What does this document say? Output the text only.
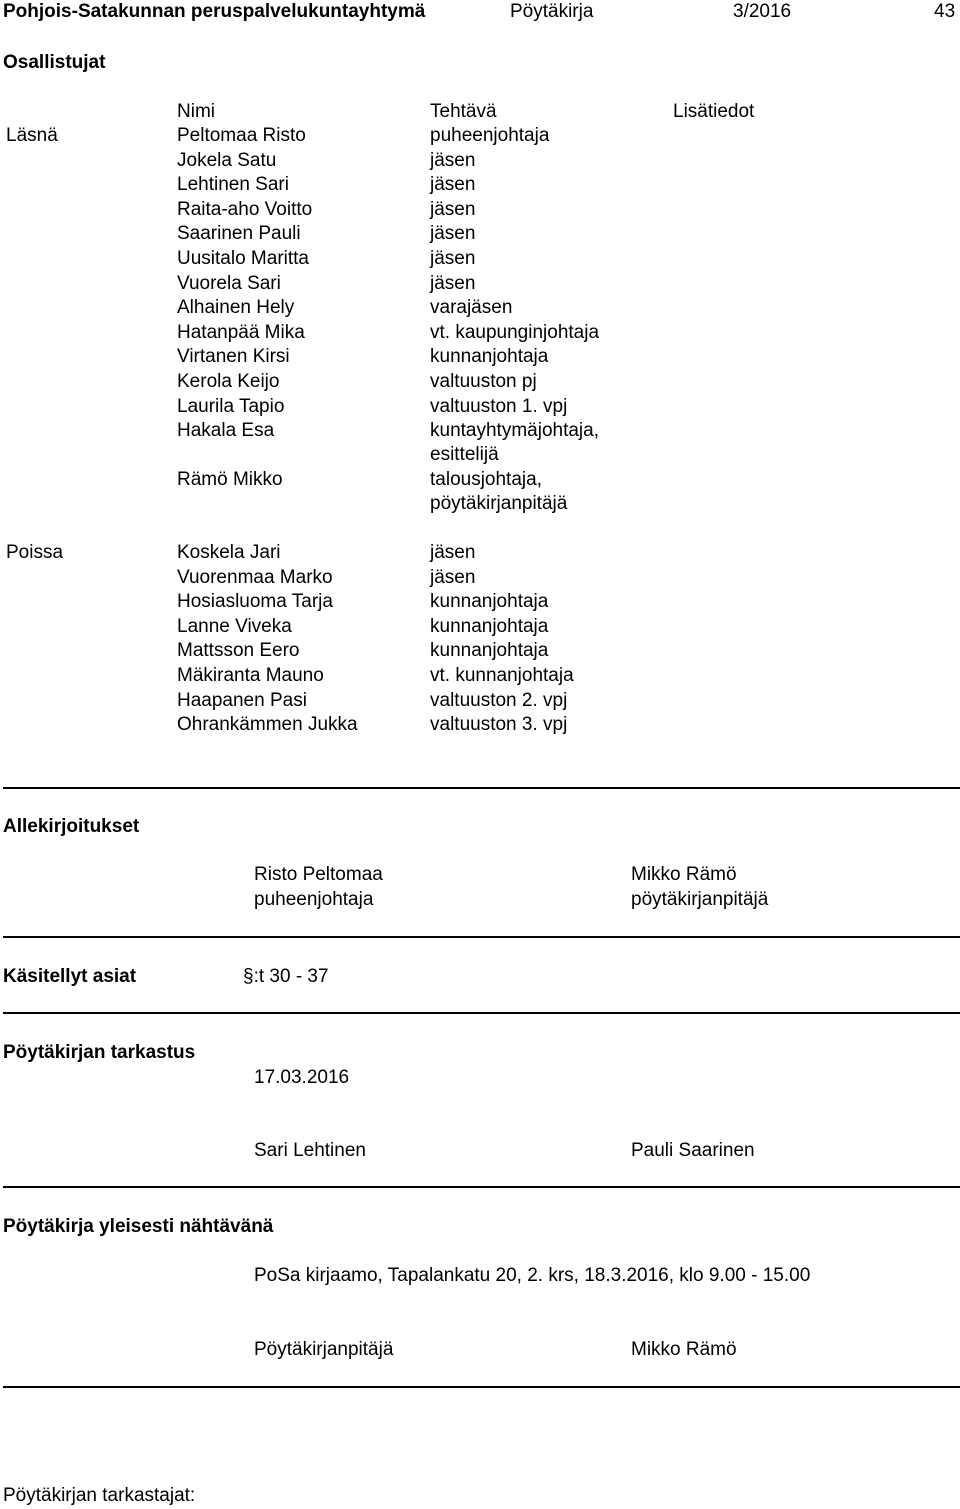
Pohjois-Satakunnan peruspalvelukuntayhtymä	Pöytäkirja	3/2016	43
Osallistujat
Nimi	Tehtävä	Lisätiedot
Läsnä	Peltomaa Risto	puheenjohtaja
Jokela Satu	jäsen
Lehtinen Sari	jäsen
Raita-aho Voitto	jäsen
Saarinen Pauli	jäsen
Uusitalo Maritta	jäsen
Vuorela Sari	jäsen
Alhainen Hely	varajäsen
Hatanpää Mika	vt. kaupunginjohtaja
Virtanen Kirsi	kunnanjohtaja
Kerola Keijo	valtuuston pj
Laurila Tapio	valtuuston 1. vpj
Hakala Esa	kuntayhtymäjohtaja,
esittelijä
Rämö Mikko	talousjohtaja,
pöytäkirjanpitäjä
Poissa	Koskela Jari	jäsen
Vuorenmaa Marko	jäsen
Hosiasluoma Tarja	kunnanjohtaja
Lanne Viveka	kunnanjohtaja
Mattsson Eero	kunnanjohtaja
Mäkiranta Mauno	vt. kunnanjohtaja
Haapanen Pasi	valtuuston 2. vpj
Ohrankämmen Jukka	valtuuston 3. vpj
Allekirjoitukset
Risto Peltomaa
puheenjohtaja
Mikko Rämö
pöytäkirjanpitäjä
Käsitellyt asiat	§:t 30 - 37
Pöytäkirjan tarkastus
17.03.2016
Sari Lehtinen	Pauli Saarinen
Pöytäkirja yleisesti nähtävänä
PoSa kirjaamo, Tapalankatu 20, 2. krs, 18.3.2016, klo 9.00 - 15.00
Pöytäkirjanpitäjä	Mikko Rämö
Pöytäkirjan tarkastajat:
